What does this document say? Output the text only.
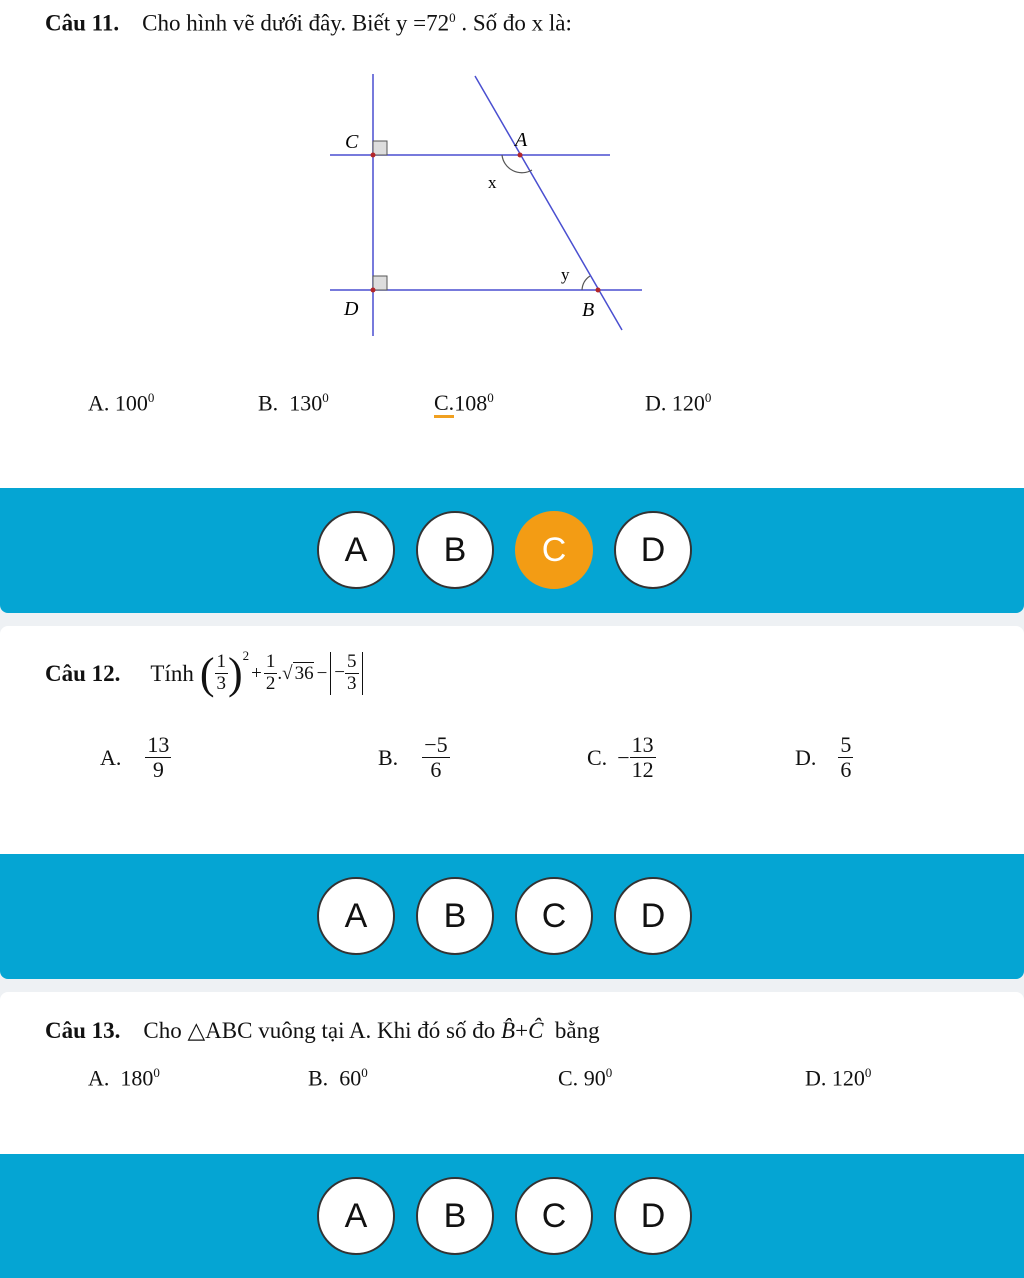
Câu 11. Cho hình vẽ dưới đây. Biết $y =72^0$ . Số đo x là:
C	A
x
y
D	B
A. $100^0$	B. $130^0$	C.108$^0$	D. $120^0$
A	B	C	D
Câu 12. Tính ( $\frac{1}{3} )^2$
+ $\frac{1}{2}$ . √ 36 − − $\frac{5}{3}$
A. $\frac{13}{9}$	B. $\frac{-5}{6}$	C. − $\frac{13}{12}$	D. $\frac{5}{6}$
A	B	C	D
Câu 13. Cho △ABC vuông tại A. Khi đó số đo B̂+Ĉ bằng
A. $180^0$	B. $60^0$	C. $90^0$	D. $120^0$
A	B	C	D
